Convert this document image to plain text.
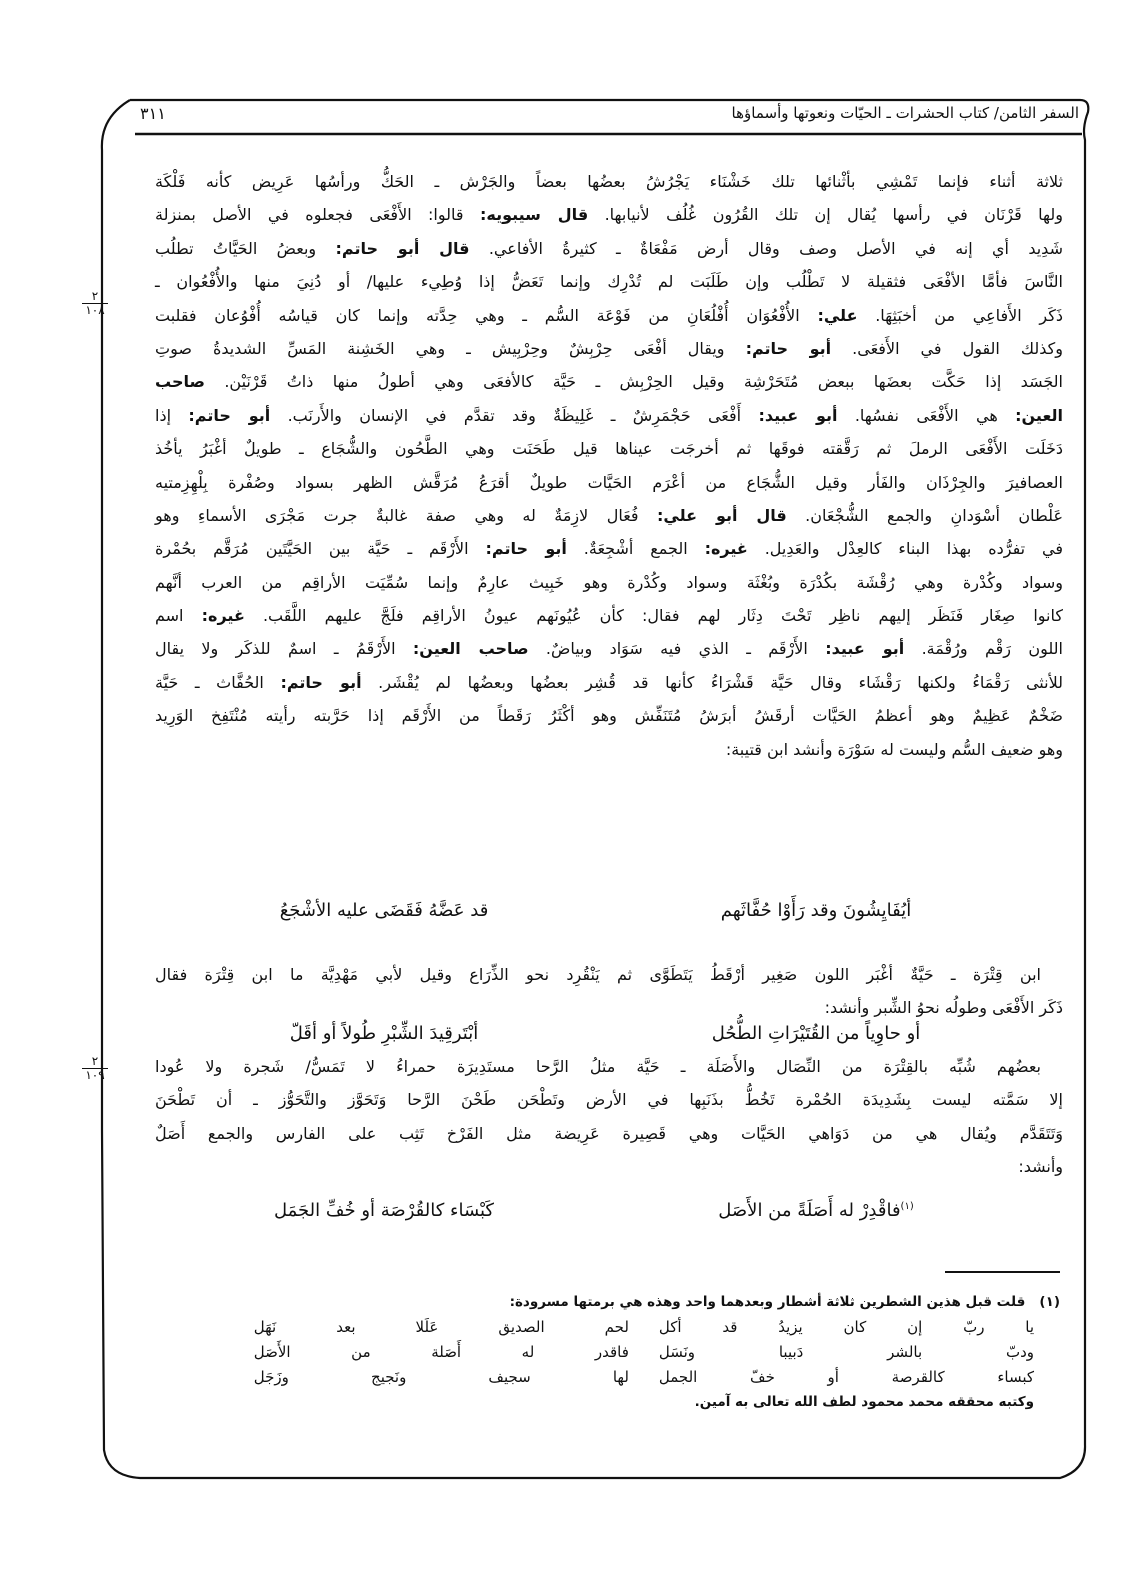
السفر الثامن/ كتاب الحشرات ـ الحيّات ونعوتها وأسماؤها
٣١١
٢
١٠٨
٢
١٠٩
ثلاثة أثناء فإنما تَمْشِي بأثْنائها تلك خَشْنَاء يَجْرُشُ بعضُها بعضاً والجَرْش ـ الحَكُّ ورأسُها عَرِيض كأنه فَلْكَة
ولها قَرْنَان في رأسها يُقال إن تلك القُرُون غُلُف لأنيابها. قال سيبويه: قالوا: الأَفْعَى فجعلوه في الأصل بمنزلة
شَدِيد أي إنه في الأصل وصف وقال أرض مَفْعَاةٌ ـ كثيرةُ الأفاعي. قال أبو حاتم: وبعضُ الحَيَّاتُ تطلُب
النَّاسَ فأمَّا الأفْعَى فثقيلة لا تَطْلُب وإن طَلَبَت لم تُدْرِك وإنما تَعَضُّ إذا وُطِيء عليها/ أو دُنِيَ منها والأُفْعُوان ـ
ذَكَر الأَفاعِي من أخبَثِهَا. علي: الأُفْعُوَان أُفْلُعَانِ من فَوْعَة السُّم ـ وهي حِدَّته وإنما كان قياسُه أُفْوُعان فقلبت
وكذلك القول في الأَفعَى. أبو حاتم: ويقال أفْعَى حِرْبِشٌ وحِرْبِيش ـ وهي الخَشِنة المَسِّ الشديدةُ صوتِ
الجَسَد إذا حَكَّت بعضَها ببعض مُتَحَرْشِة وقيل الحِرْبِش ـ حَيَّة كالأفعَى وهي أطولُ منها ذاتُ قَرْنَيْن. صاحب
العين: هي الأَفْعَى نفسُها. أبو عبيد: أَفْعَى حَجْمَرِشٌ ـ غَلِيظَةٌ وقد تقدَّم في الإنسان والأَرنَب. أبو حاتم: إذا
دَخَلَت الأَفْعَى الرملَ ثم رَقَّقته فوقَها ثم أخرجَت عيناها قيل طَحَنَت وهي الطَّحُون والشُّجَاع ـ طويلٌ أغْبَرُ يأخُذ
العصافيرَ والجِرْذَان والفَأر وقيل الشُّجَاع من أعْرَم الحَيَّات طويلٌ أقرَعُ مُرَقَّش الظهر بسواد وصُفْرة بِلْهِزِمتيه
عَلْطان أسْوَدانِ والجمع الشُّجْعَان. قال أبو علي: فُعَال لازِمَةٌ له وهي صفة غالبةٌ جرت مَجْرَى الأسماءِ وهو
في تفرُّده بهذا البناء كالعِدْل والعَدِيل. غيره: الجمع أشْجِعَةٌ. أبو حاتم: الأَرْقَم ـ حَيَّة بين الحَيَّتَين مُرَقَّم بحُمْرة
وسواد وكُدْرة وهي رُقْشَة بكُدْرَة وبُغْثَة وسواد وكُدْرة وهو خَبِيث عارِمٌ وإنما سُمِّيَت الأراقِم من العرب أنَّهم
كانوا صِغَار فَنَظَر إليهم ناظِر تَحْتَ دِثَار لهم فقال: كأن عُيُونَهم عيونُ الأراقِم فلَجَّ عليهم اللَّقَب. غيره: اسم
اللون رَقْم ورُقْمَة. أبو عبيد: الأَرْقَم ـ الذي فيه سَوَاد وبياضٌ. صاحب العين: الأَرْقَمُ ـ اسمٌ للذكَر ولا يقال
للأنثى رَقْمَاءُ ولكنها رَقْشَاء وقال حَيَّة قَشْرَاءُ كأنها قد قُشِر بعضُها وبعضُها لم يُقْشَر. أبو حاتم: الحُفَّاث ـ حَيَّة
ضَخْمٌ عَظِيمٌ وهو أعظمُ الحَيَّات أرقَشُ أبرَشُ مُتَنَفِّش وهو أكْثَرُ رَقَطاً من الأَرْقَم إذا حَرَّبته رأيته مُنْتَفِخ الوَرِيد
وهو ضعيف السُّم وليست له سَوْرَة وأنشد ابن قتيبة:
أيُفَايِشُونَ وقد رَأَوْا حُفَّاثَهم
قد عَضَّهُ فَقَضَى عليه الأشْجَعُ
ابن قِتْرَة ـ حَيَّةٌ أغْبَر اللون صَغِير أرْقَطُ يَتَطَوَّى ثم يَنْقُرِد نحو الذِّرَاع وقيل لأبي مَهْدِيَّة ما ابن قِتْرَة فقال
ذَكَر الأَفْعَى وطولُه نحوُ الشِّبر وأنشد:
أو حاوِياً من القُتَيْرَاتِ الطُّحُل
أبْتَرقِيدَ الشِّبْرِ طُولاً أو أقَلّ
بعضُهم شُبِّه بالقِتْرَة من النِّصَال والأَصَلَة ـ حَيَّة مثلُ الرَّحا مستَدِيرَة حمراءُ لا تَمَسُّ/ شَجرة ولا عُودا
إلا سَمَّته ليست بِشَدِيدَة الحُمْرة تَخُطُّ بذَنَبِها في الأرض وتَطْحَن طَحْنَ الرَّحا وَتَحَوَّز والتَّحَوُّز ـ أن تَطْحَنَ
وَتَتَقَدَّم ويُقال هي من دَوَاهي الحَيَّات وهي قَصِيرة عَرِيضة مثل الفَرْخ تَثِب على الفارس والجمع أَصَلٌ
وأنشد:
$^{(١)}$فاقْدِرْ له أَصَلَةً من الأَصَل
كَبْسَاء كالقُرْصَة أو خُفِّ الجَمَل
(١)   قلت قبل هذين الشطرين ثلاثة أشطار وبعدهما واحد وهذه هي برمتها مسرودة:
يا ربّ إن كان يزيدُ قد أكل
لحم الصديق عَلَلا بعد نَهَل
ودبّ بالشر دَبيبا ونَسَل
فاقدر له أَصَلة من الأَصَل
كبساء كالقرصة أو خفّ الجمل
لها سجيف ونَجيج وزَجَل
وكتبه محققه محمد محمود لطف الله تعالى به آمين.
